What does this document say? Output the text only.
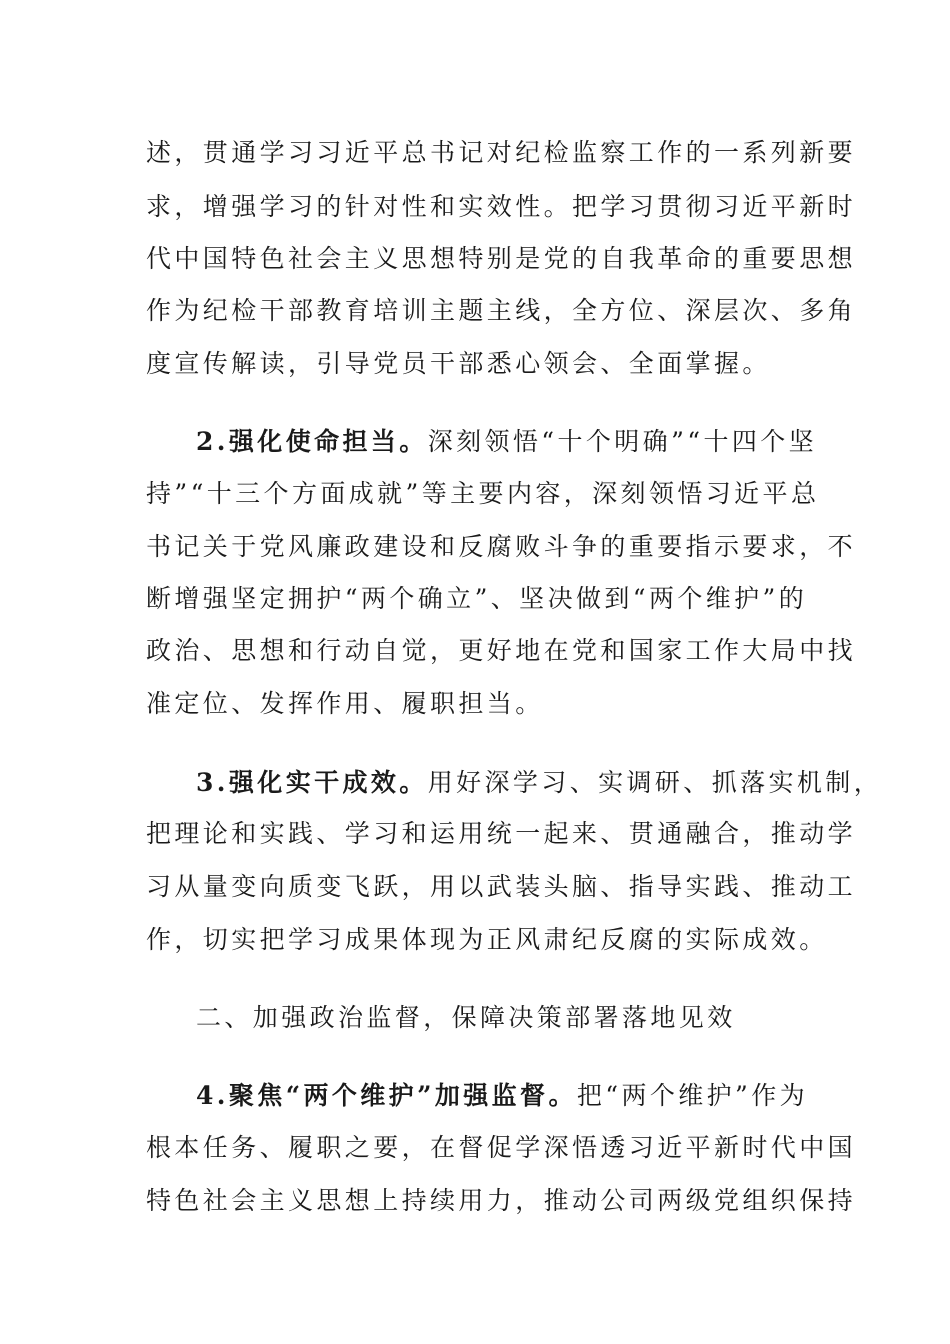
述，贯通学习习近平总书记对纪检监察工作的一系列新要
求，增强学习的针对性和实效性。把学习贯彻习近平新时
代中国特色社会主义思想特别是党的自我革命的重要思想
作为纪检干部教育培训主题主线，全方位、深层次、多角
度宣传解读，引导党员干部悉心领会、全面掌握。
2.强化使命担当。深刻领悟“十个明确”“十四个坚
持”“十三个方面成就”等主要内容，深刻领悟习近平总
书记关于党风廉政建设和反腐败斗争的重要指示要求，不
断增强坚定拥护“两个确立”、坚决做到“两个维护”的
政治、思想和行动自觉，更好地在党和国家工作大局中找
准定位、发挥作用、履职担当。
3.强化实干成效。用好深学习、实调研、抓落实机制，
把理论和实践、学习和运用统一起来、贯通融合，推动学
习从量变向质变飞跃，用以武装头脑、指导实践、推动工
作，切实把学习成果体现为正风肃纪反腐的实际成效。
二、加强政治监督，保障决策部署落地见效
4.聚焦“两个维护”加强监督。把“两个维护”作为
根本任务、履职之要，在督促学深悟透习近平新时代中国
特色社会主义思想上持续用力，推动公司两级党组织保持
